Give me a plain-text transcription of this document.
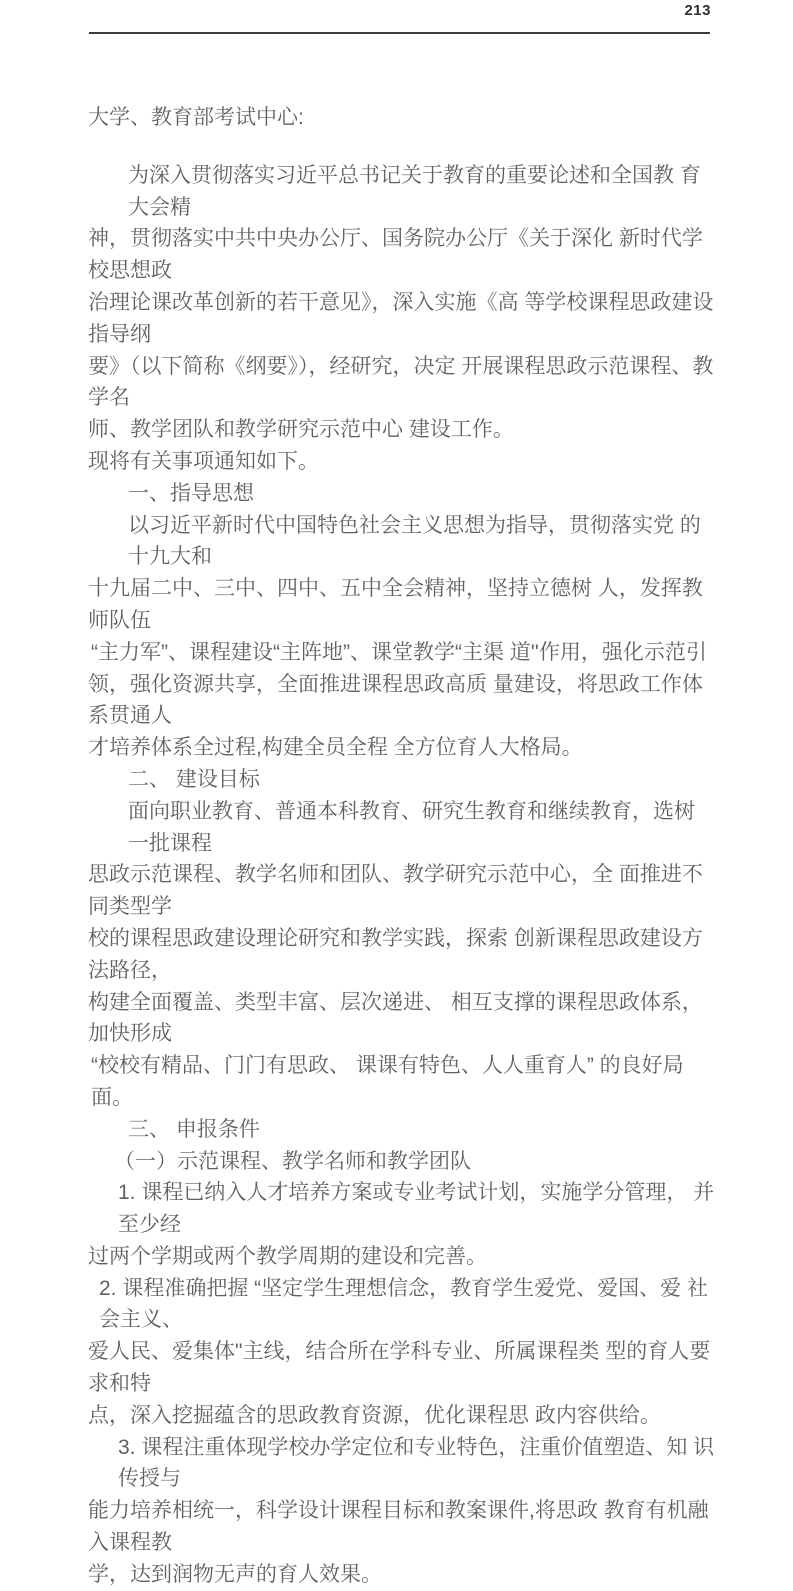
213
大学、教育部考试中心:
为深入贯彻落实习近平总书记关于教育的重要论述和全国教 育大会精
神，贯彻落实中共中央办公厅、国务院办公厅《关于深化 新时代学校思想政
治理论课改革创新的若干意见》，深入实施《高 等学校课程思政建设指导纲
要》（以下简称《纲要》），经研究，决定 开展课程思政示范课程、教学名
师、教学团队和教学研究示范中心 建设工作。
现将有关事项通知如下。
一、指导思想
以习近平新时代中国特色社会主义思想为指导，贯彻落实党 的十九大和
十九届二中、三中、四中、五中全会精神，坚持立德树 人，发挥教师队伍
“主力军”、课程建设“主阵地”、课堂教学“主渠 道''作用，强化示范引
领，强化资源共享，全面推进课程思政高质 量建设，将思政工作体系贯通人
才培养体系全过程,构建全员全程 全方位育人大格局。
二、 建设目标
面向职业教育、普通本科教育、研究生教育和继续教育，选树 一批课程
思政示范课程、教学名师和团队、教学研究示范中心，全 面推进不同类型学
校的课程思政建设理论研究和教学实践，探索 创新课程思政建设方法路径，
构建全面覆盖、类型丰富、层次递进、 相互支撑的课程思政体系，加快形成
“校校有精品、门门有思政、 课课有特色、人人重育人” 的良好局面。
三、 申报条件
（一）示范课程、教学名师和教学团队
1. 课程已纳入人才培养方案或专业考试计划，实施学分管理， 并至少经
过两个学期或两个教学周期的建设和完善。
2. 课程准确把握 “坚定学生理想信念，教育学生爱党、爱国、爱 社会主义、
爱人民、爱集体"主线，结合所在学科专业、所属课程类 型的育人要求和特
点，深入挖掘蕴含的思政教育资源，优化课程思 政内容供给。
3. 课程注重体现学校办学定位和专业特色，注重价值塑造、知 识传授与
能力培养相统一，科学设计课程目标和教案课件,将思政 教育有机融入课程教
学，达到润物无声的育人效果。
